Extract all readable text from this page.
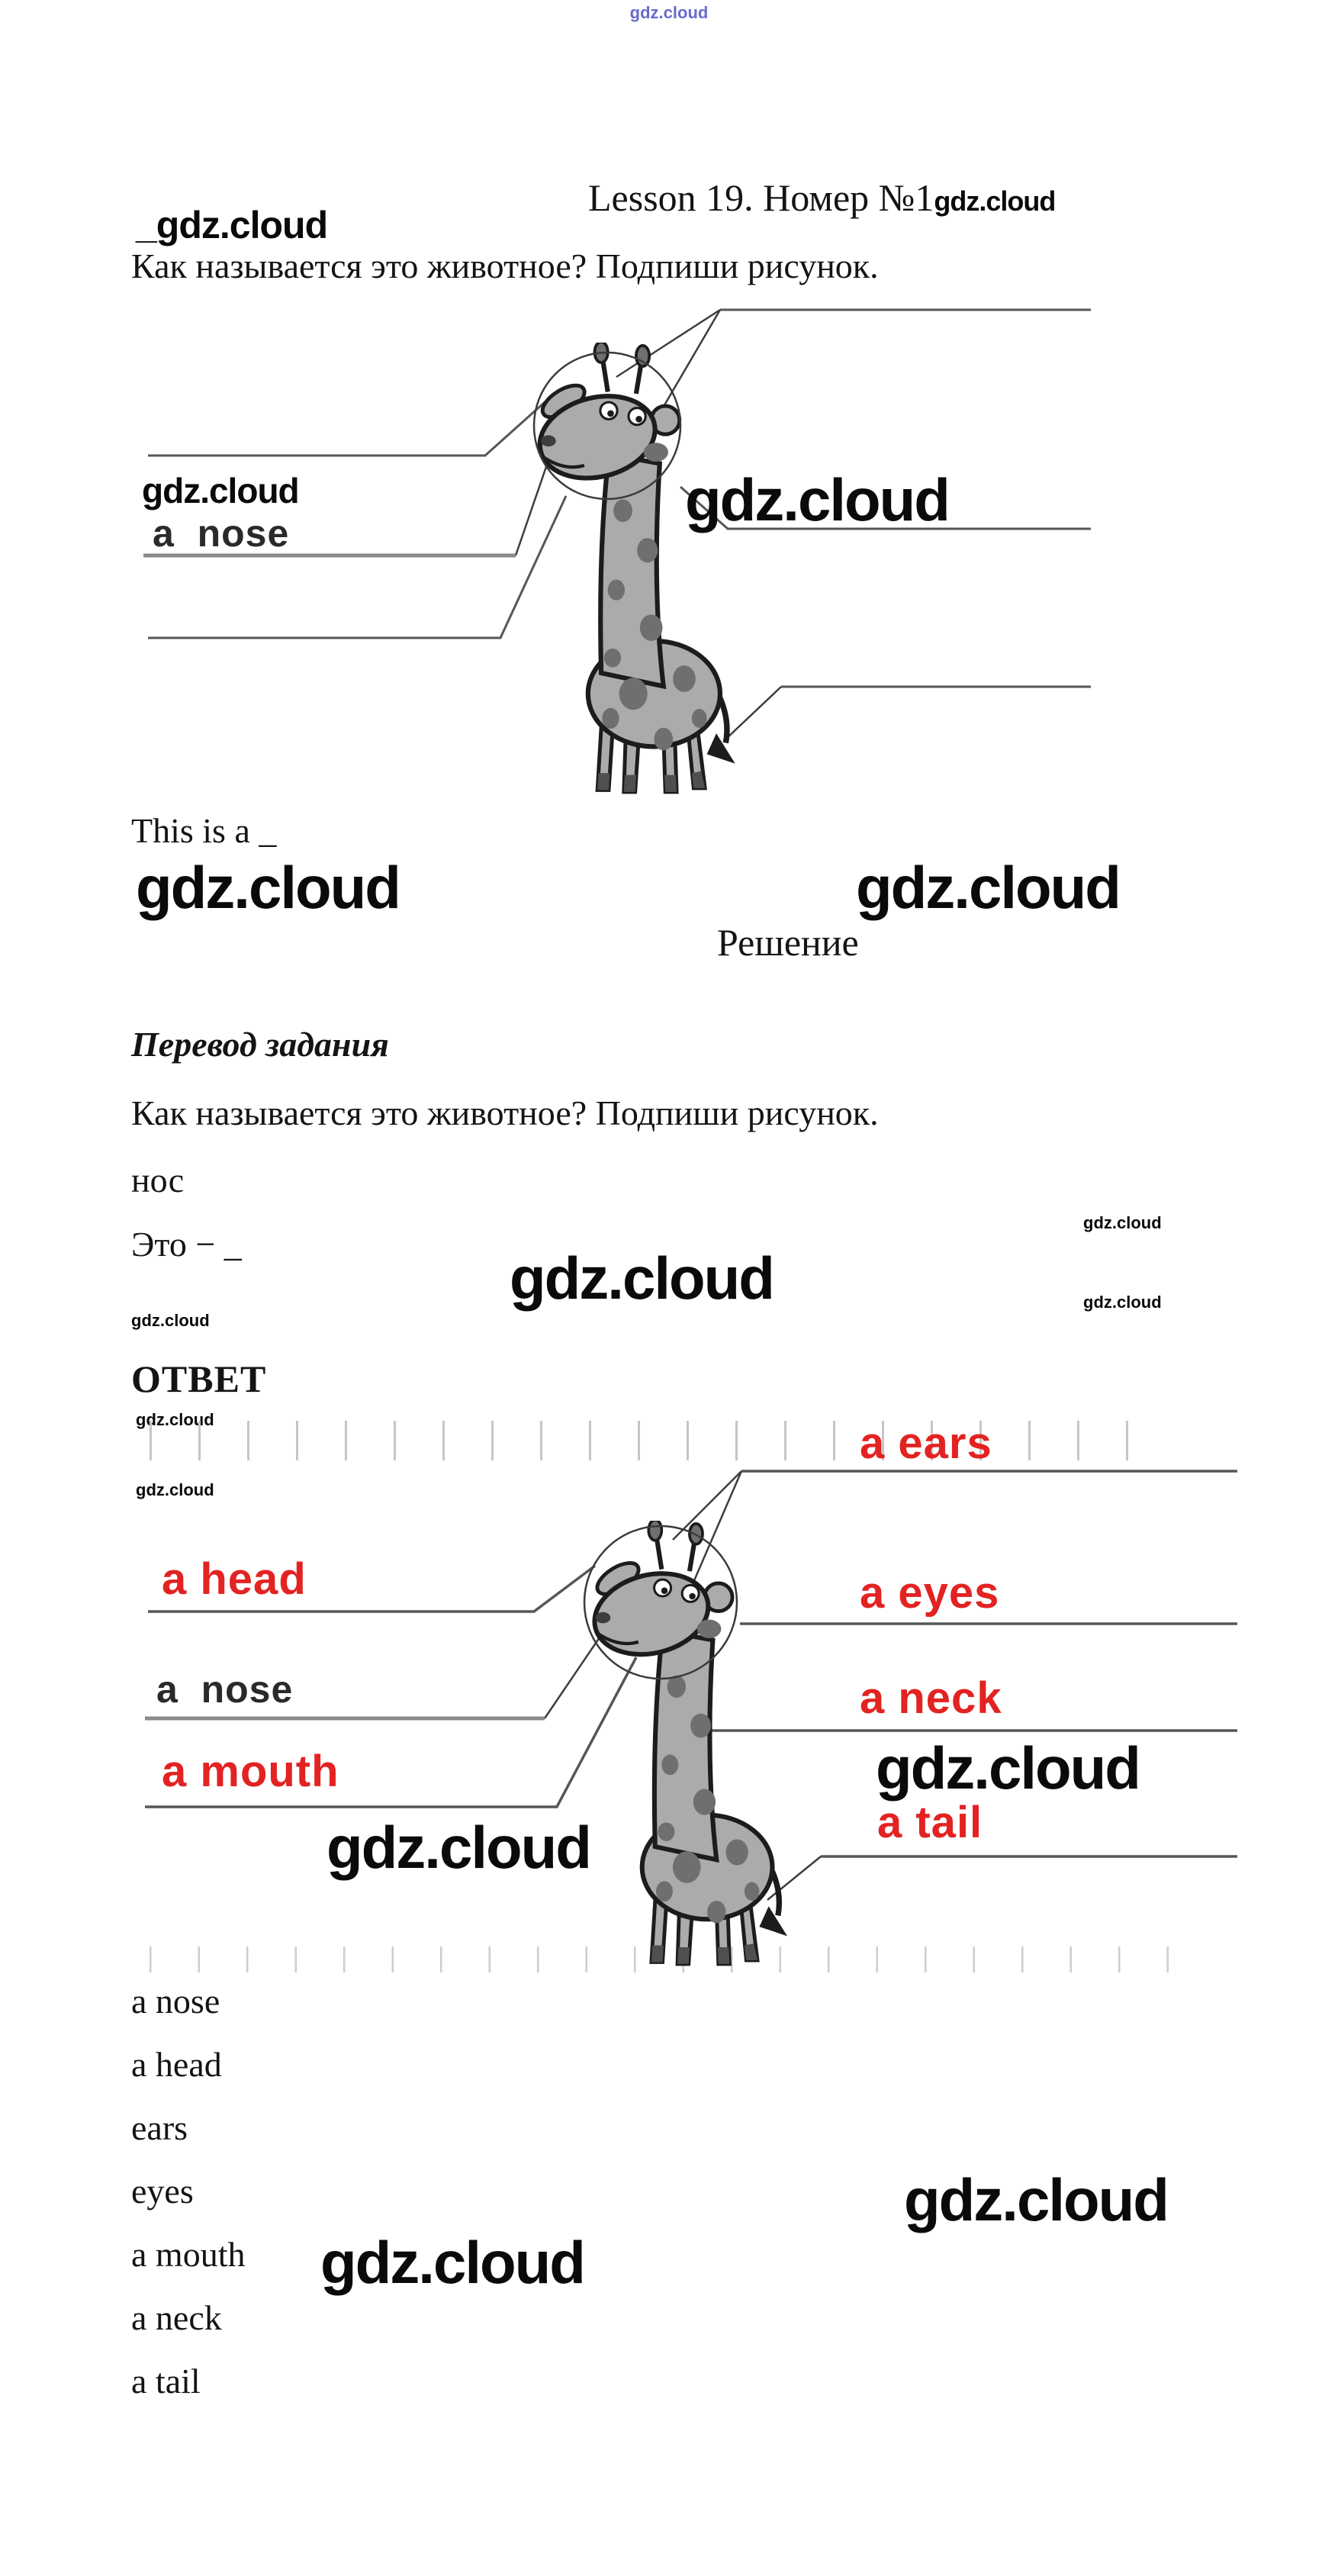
gdz.cloud

Lesson 19. Номер №1gdz.cloud

_gdz.cloud
Как называется это животное? Подпиши рисунок.
gdz.cloud
a  nose	gdz.cloud
This is a _
gdz.cloud
Решение
gdz.cloud
Перевод задания
Как называется это животное? Подпиши рисунок.
нос
Это − _
gdz.cloud
gdz.cloud
gdz.cloud
gdz.cloud
ОТВЕТ
gdz.cloud
gdz.cloud
a ears
a head	a eyes
a  nose	a neck
gdz.cloud
a mouth
gdz.cloud	a tail
a nose
a head
ears
eyes
a mouth
a neck
a tail
gdz.cloud
gdz.cloud
